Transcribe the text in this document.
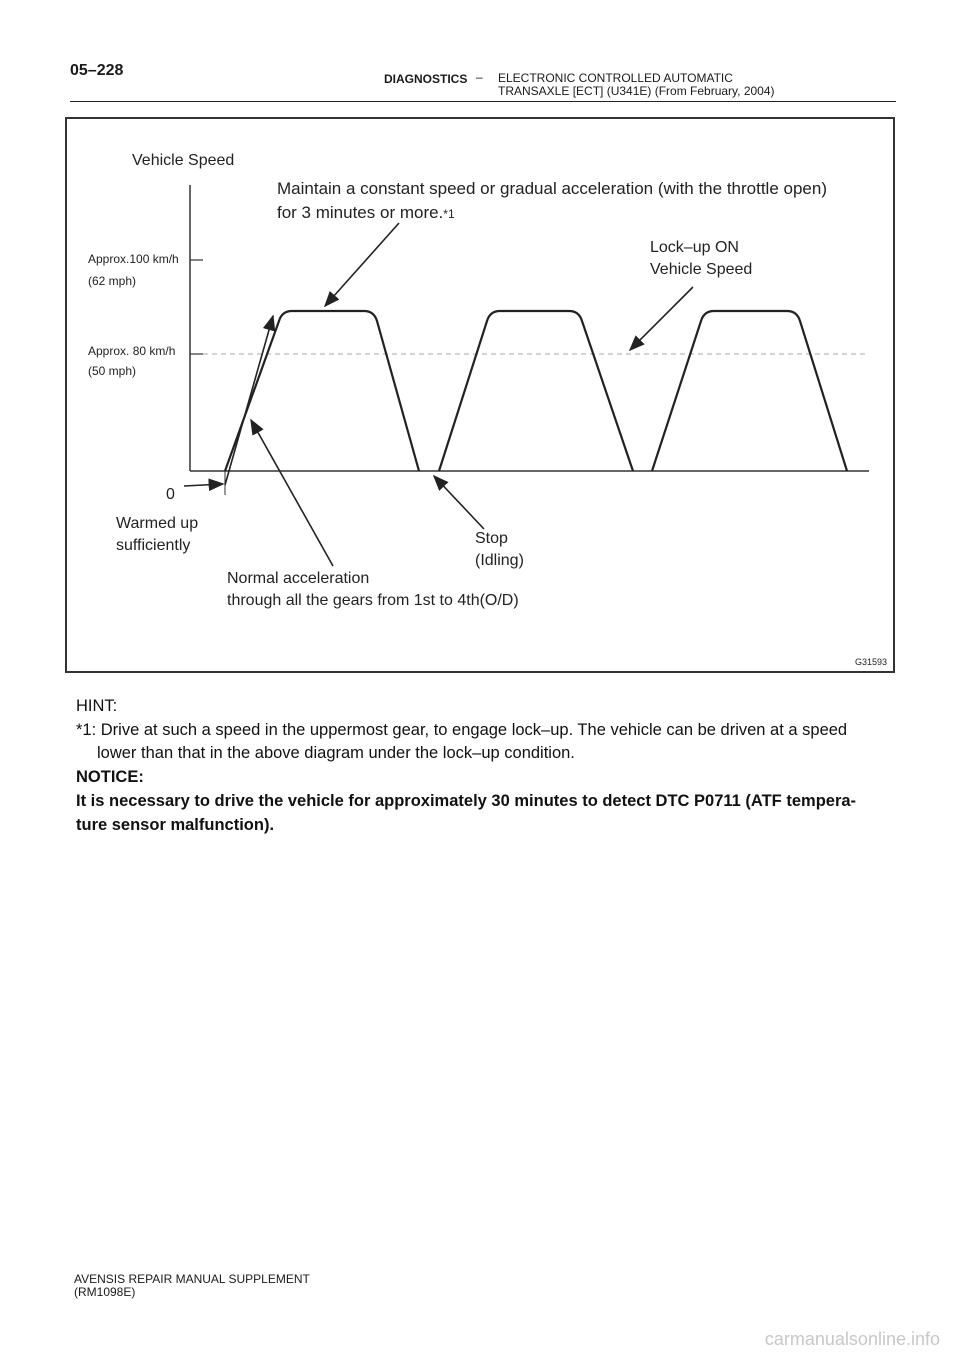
05–228	DIAGNOSTICS – ELECTRONIC CONTROLLED AUTOMATIC
TRANSAXLE [ECT] (U341E) (From February, 2004)
Vehicle Speed
Approx.100 km/h
(62 mph)
Approx. 80 km/h
(50 mph)
0
Maintain a constant speed or gradual acceleration (with the throttle open)
for 3 minutes or more.*1
Lock–up ON
Vehicle Speed
Warmed up
sufficiently	Stop
(Idling)
Normal acceleration
through all the gears from 1st to 4th(O/D)
G31593
HINT:
*1: Drive at such a speed in the uppermost gear, to engage lock–up. The vehicle can be driven at a speed
lower than that in the above diagram under the lock–up condition.
NOTICE:
It is necessary to drive the vehicle for approximately 30 minutes to detect DTC P0711 (ATF tempera-
ture sensor malfunction).
AVENSIS REPAIR MANUAL SUPPLEMENT
(RM1098E)
carmanualsonline.info
